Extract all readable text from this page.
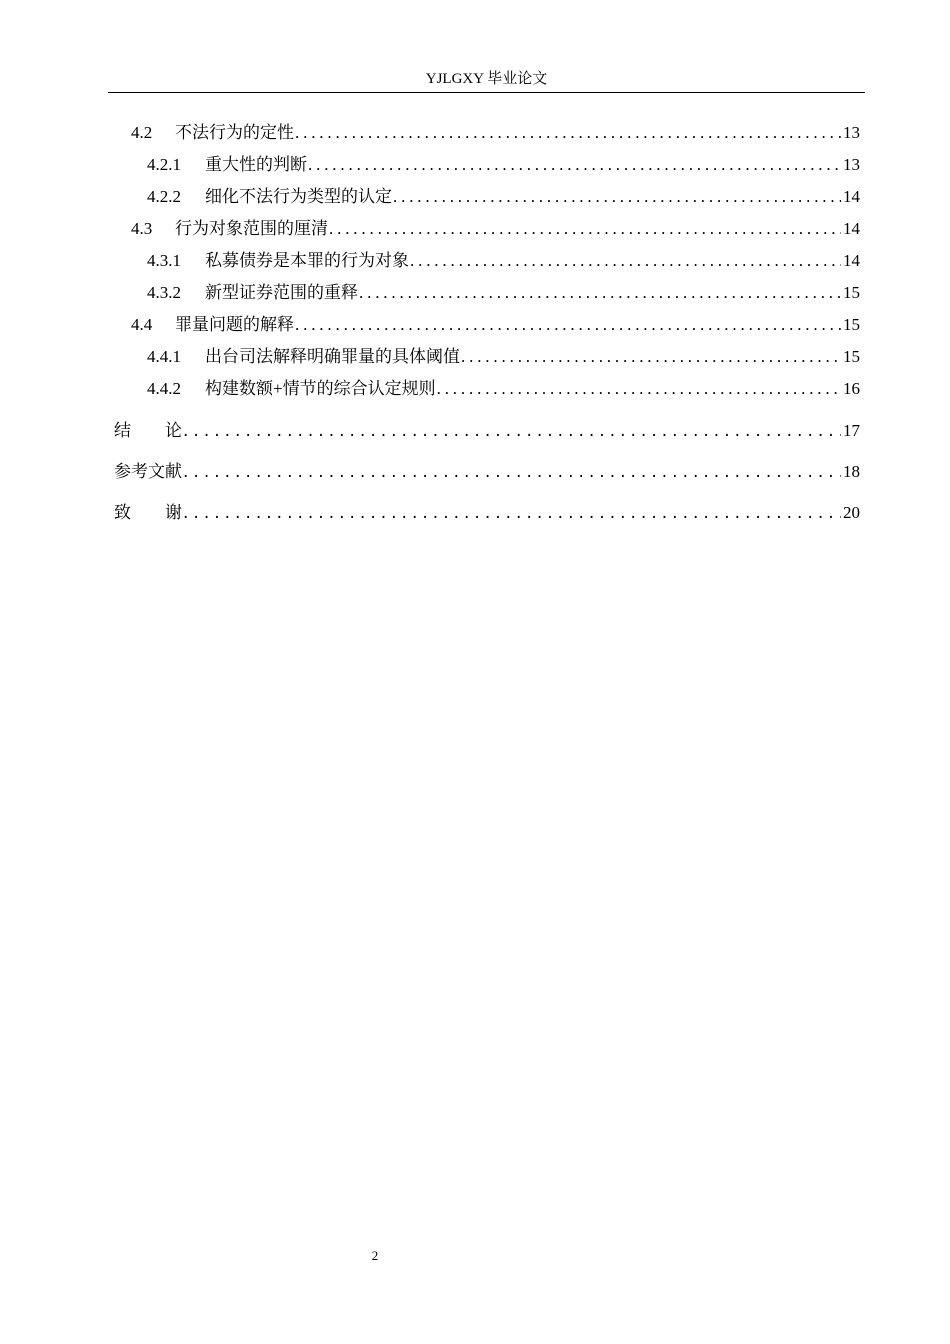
YJLGXY 毕业论文
4.2	不法行为的定性 . . .	13
4.2.1	重大性的判断 . . .	13
4.2.2	细化不法行为类型的认定 . . .	14
4.3	行为对象范围的厘清 . . .	14
4.3.1	私募债券是本罪的行为对象 . . .	14
4.3.2	新型证券范围的重释 . . .	15
4.4	罪量问题的解释 . . .	15
4.4.1	出台司法解释明确罪量的具体阈值 . . .	15
4.4.2	构建数额+情节的综合认定规则 . . .	16
结　　论 . . .	17
参考文献 . . .	18
致　　谢 . . .	20
2
